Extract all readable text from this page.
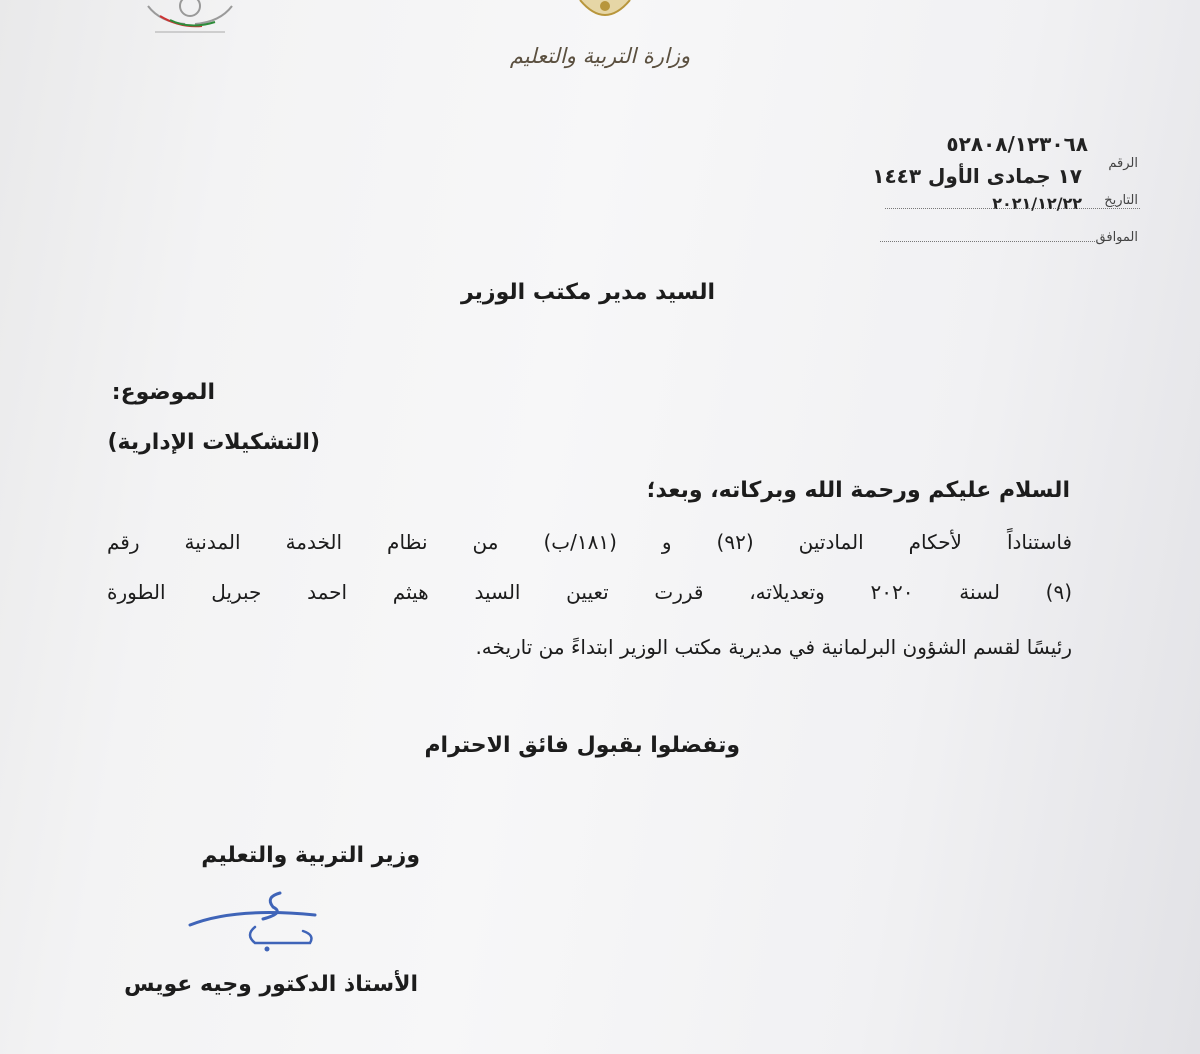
وزارة التربية والتعليم
٥٢٨٠٨/١٢٣٠٦٨
الرقم
١٧ جمادى الأول ١٤٤٣
التاريخ
٢٠٢١/١٢/٢٢
الموافق
السيد مدير مكتب الوزير
الموضوع:
(التشكيلات الإدارية)
السلام عليكم ورحمة الله وبركاته، وبعد؛
فاستناداً لأحكام المادتين (٩٢) و (١٨١/ب) من نظام الخدمة المدنية رقم
(٩) لسنة ٢٠٢٠ وتعديلاته، قررت تعيين السيد هيثم احمد جبريل الطورة
رئيسًا لقسم الشؤون البرلمانية في مديرية مكتب الوزير ابتداءً من تاريخه.
وتفضلوا بقبول فائق الاحترام
وزير التربية والتعليم
الأستاذ الدكتور وجيه عويس
